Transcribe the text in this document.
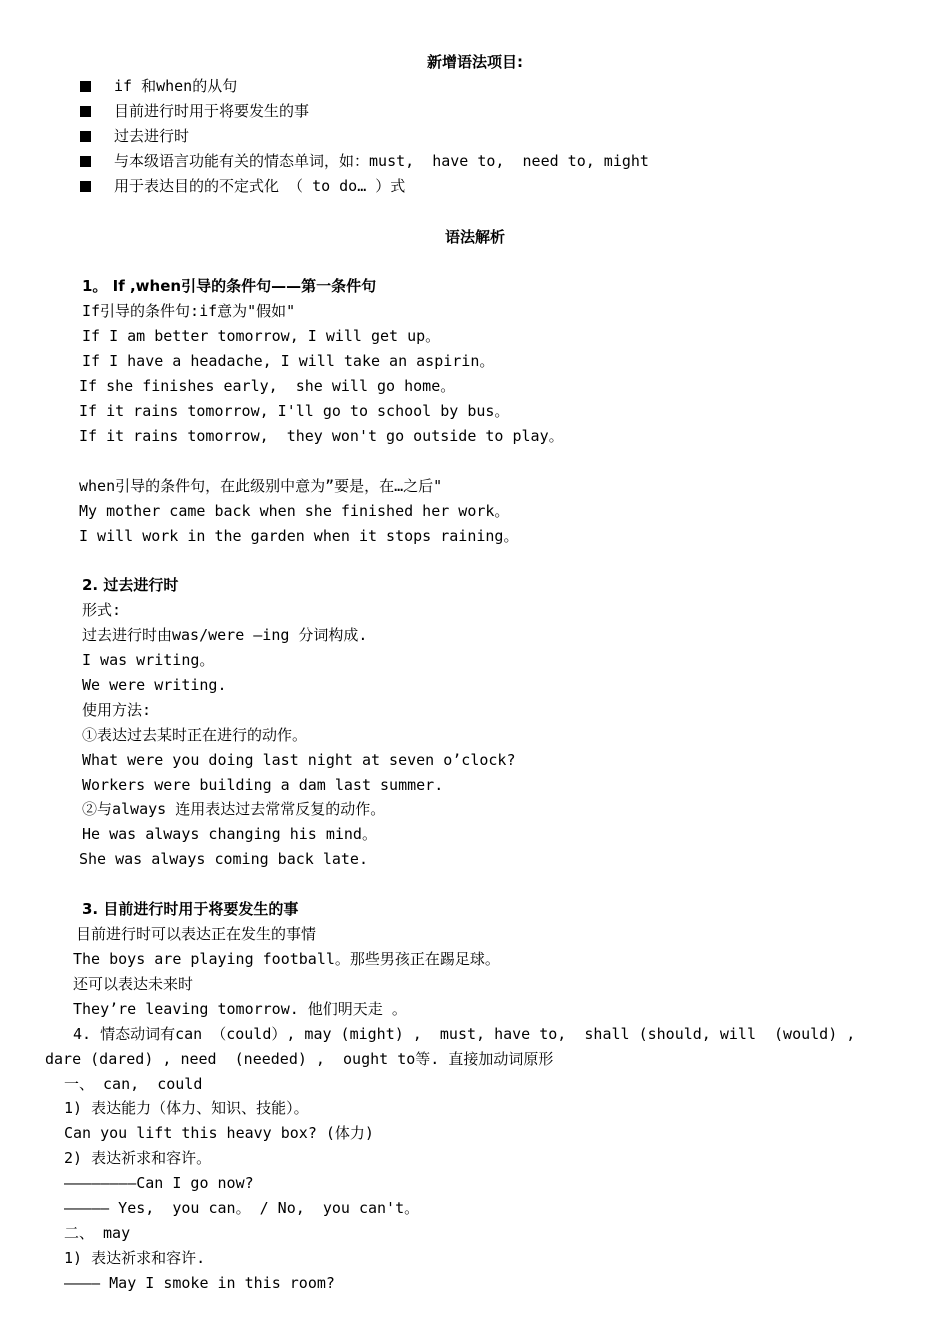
新增语法项目:
if 和when的从句
目前进行时用于将要发生的事
过去进行时
与本级语言功能有关的情态单词，如：must,  have to,  need to, might
用于表达目的的不定式化 （ to do… ）式
语法解析
1。 If ,when引导的条件句——第一条件句
If引导的条件句:if意为"假如"
If I am better tomorrow, I will get up。
If I have a headache, I will take an aspirin。
If she finishes early,  she will go home。
If it rains tomorrow, I'll go to school by bus。
If it rains tomorrow,  they won't go outside to play。
when引导的条件句，在此级别中意为”要是，在…之后"
My mother came back when she finished her work。
I will work in the garden when it stops raining。
2. 过去进行时
形式:
过去进行时由was/were —ing 分词构成.
I was writing。
We were writing.
使用方法:
①表达过去某时正在进行的动作。
What were you doing last night at seven o’clock?
Workers were building a dam last summer.
②与always 连用表达过去常常反复的动作。
He was always changing his mind。
She was always coming back late.
3. 目前进行时用于将要发生的事
目前进行时可以表达正在发生的事情
The boys are playing football。那些男孩正在踢足球。
还可以表达未来时
They’re leaving tomorrow. 他们明天走 。
4. 情态动词有can （could）, may (might) ,  must, have to,  shall (should, will  (would) ,
dare (dared) , need  (needed) ,  ought to等. 直接加动词原形
一、 can,  could
1) 表达能力（体力、知识、技能）。
Can you lift this heavy box? (体力)
2) 表达祈求和容许。
————————Can I go now?
————— Yes,  you can。 / No,  you can't。
二、 may
1) 表达祈求和容许.
———— May I smoke in this room?
